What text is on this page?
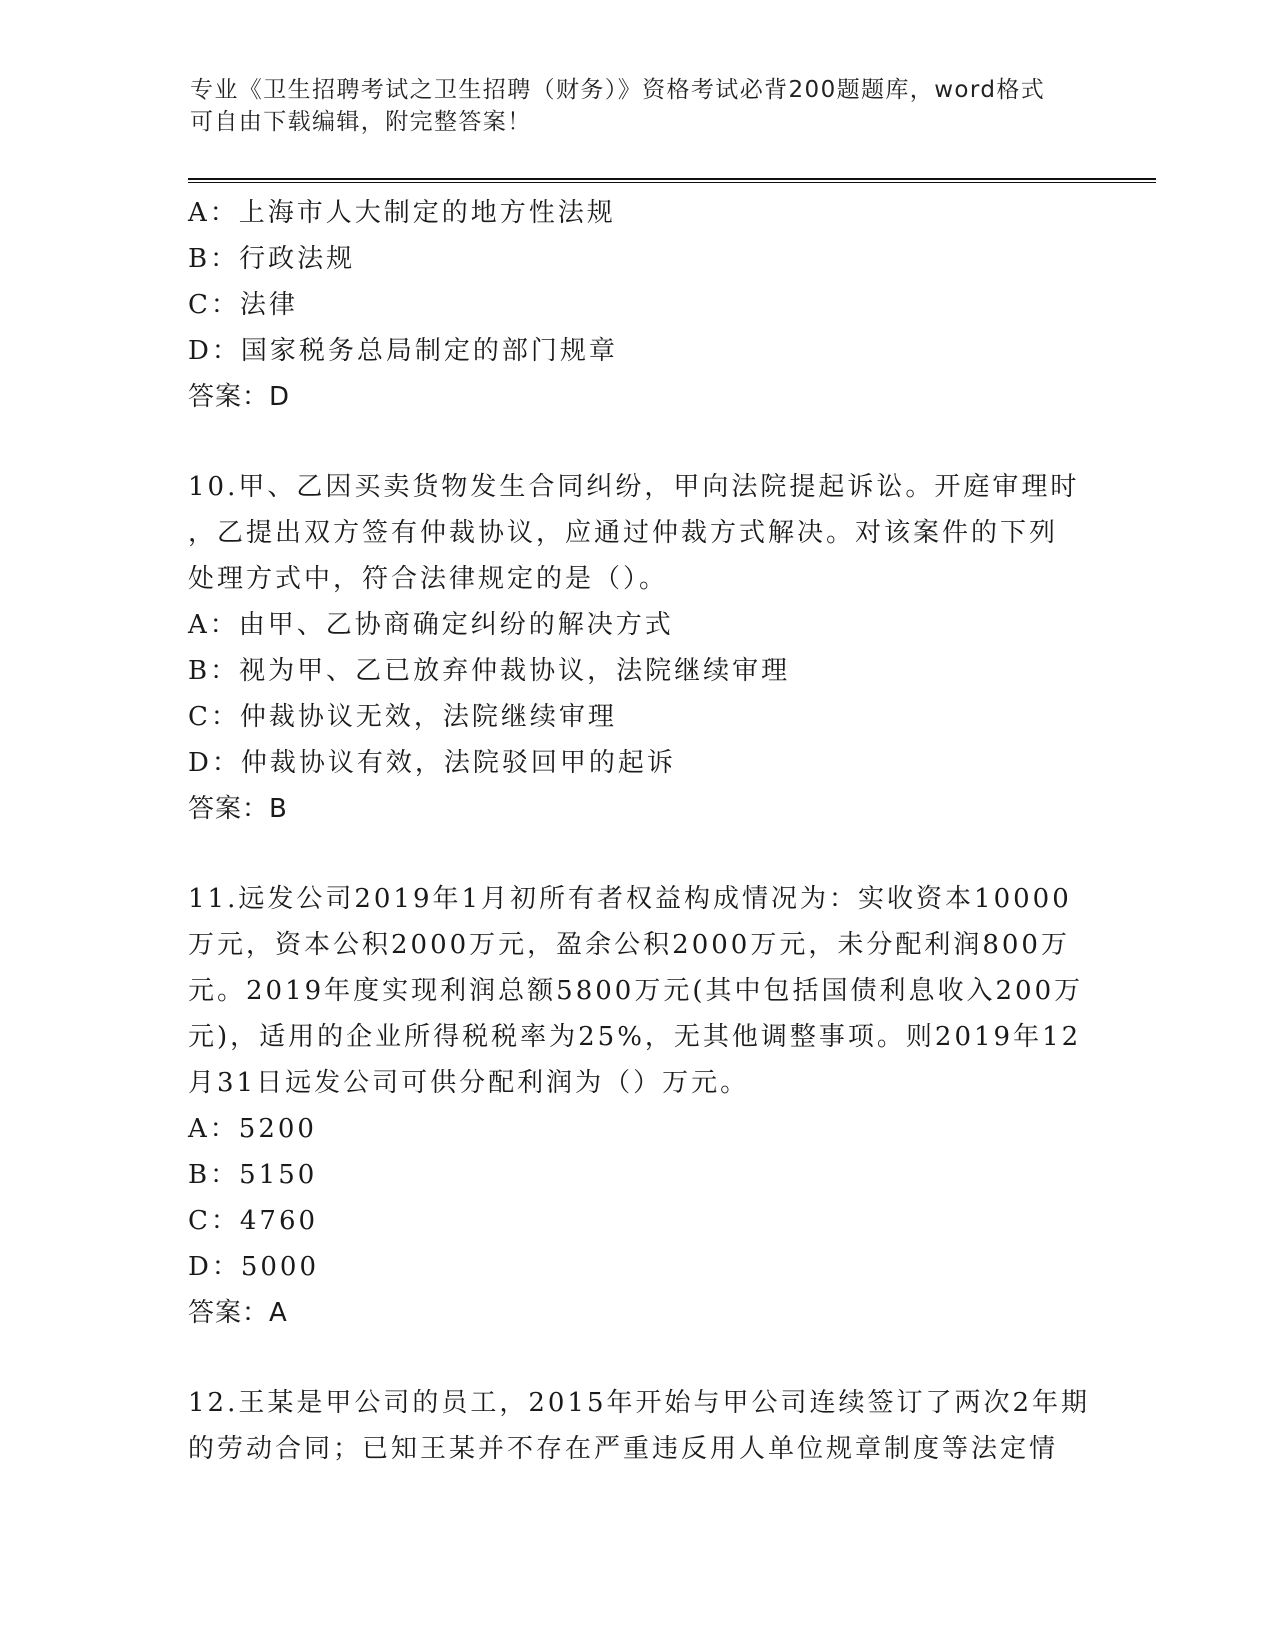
专业《卫生招聘考试之卫生招聘（财务）》资格考试必背200题题库，word格式
可自由下载编辑，附完整答案！
A：上海市人大制定的地方性法规
B：行政法规
C：法律
D：国家税务总局制定的部门规章
答案：D
10.甲、乙因买卖货物发生合同纠纷，甲向法院提起诉讼。开庭审理时
，乙提出双方签有仲裁协议，应通过仲裁方式解决。对该案件的下列
处理方式中，符合法律规定的是（）。
A：由甲、乙协商确定纠纷的解决方式
B：视为甲、乙已放弃仲裁协议，法院继续审理
C：仲裁协议无效，法院继续审理
D：仲裁协议有效，法院驳回甲的起诉
答案：B
11.远发公司2019年1月初所有者权益构成情况为：实收资本10000
万元，资本公积2000万元，盈余公积2000万元，未分配利润800万
元。2019年度实现利润总额5800万元(其中包括国债利息收入200万
元)，适用的企业所得税税率为25%，无其他调整事项。则2019年12
月31日远发公司可供分配利润为（）万元。
A：5200
B：5150
C：4760
D：5000
答案：A
12.王某是甲公司的员工，2015年开始与甲公司连续签订了两次2年期
的劳动合同；已知王某并不存在严重违反用人单位规章制度等法定情
